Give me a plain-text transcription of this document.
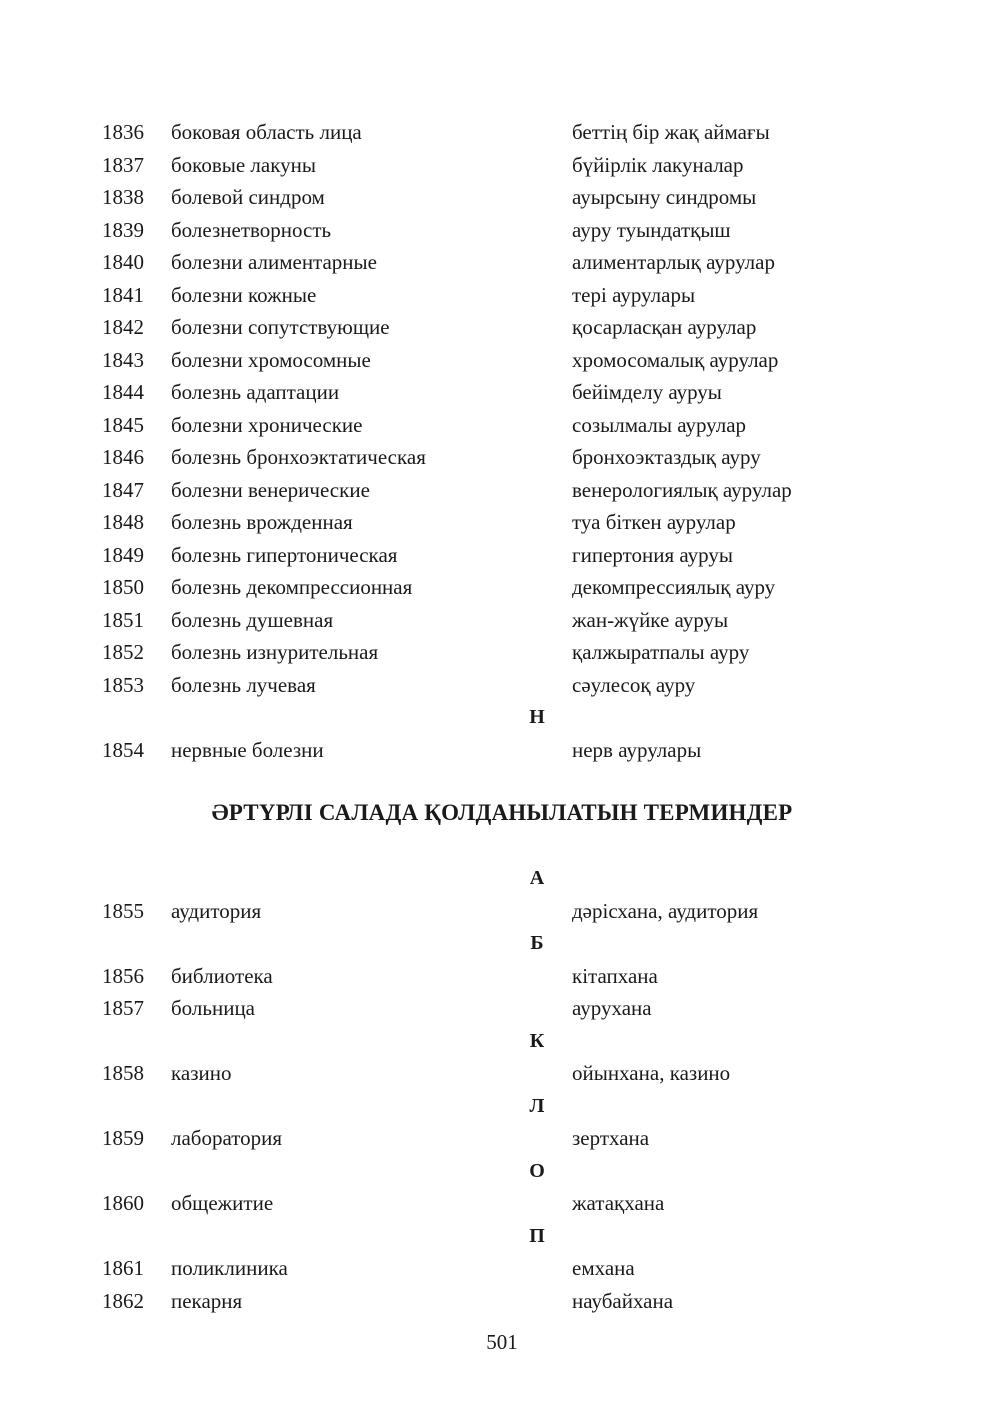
1836 боковая область лица	беттің бір жақ аймағы
1837 боковые лакуны	бүйірлік лакуналар
1838 болевой синдром	ауырсыну синдромы
1839 болезнетворность	ауру туындатқыш
1840 болезни алиментарные	алиментарлық аурулар
1841 болезни кожные	тері аурулары
1842 болезни сопутствующие	қосарласқан аурулар
1843 болезни хромосомные	хромосомалық аурулар
1844 болезнь адаптации	бейімделу ауруы
1845 болезни хронические	созылмалы аурулар
1846 болезнь бронхоэктатическая	бронхоэктаздық ауру
1847 болезни венерические	венерологиялық аурулар
1848 болезнь врожденная	туа біткен аурулар
1849 болезнь гипертоническая	гипертония ауруы
1850 болезнь декомпрессионная	декомпрессиялық ауру
1851 болезнь душевная	жан-жүйке ауруы
1852 болезнь изнурительная	қалжыратпалы ауру
1853 болезнь лучевая	сәулесоқ ауру
Н
1854 нервные болезни	нерв аурулары
ӘРТҮРЛІ САЛАДА ҚОЛДАНЫЛАТЫН ТЕРМИНДЕР
А
1855 аудитория	дәрісхана, аудитория
Б
1856 библиотека	кітапхана
1857 больница	аурухана
К
1858 казино	ойынхана, казино
Л
1859 лаборатория	зертхана
О
1860 общежитие	жатақхана
П
1861 поликлиника	емхана
1862 пекарня	наубайхана
501
